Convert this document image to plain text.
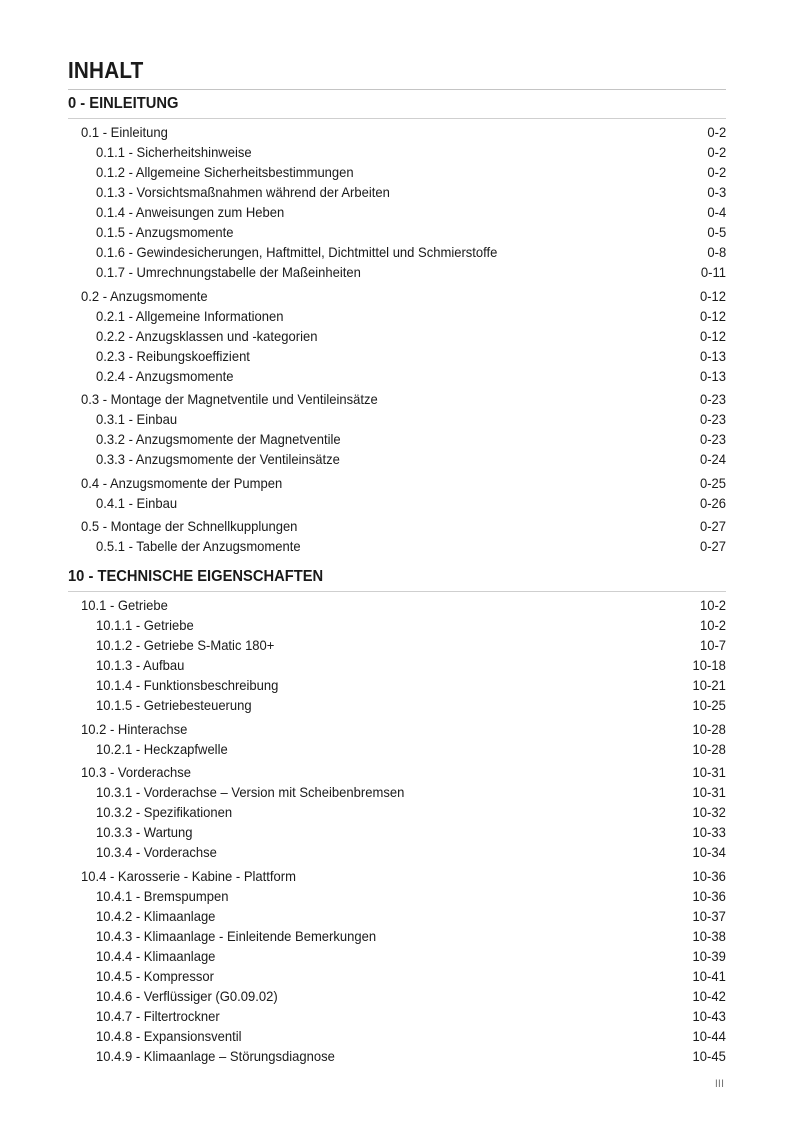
INHALT
0 - EINLEITUNG
0.1 - Einleitung	0-2
0.1.1 - Sicherheitshinweise	0-2
0.1.2 - Allgemeine Sicherheitsbestimmungen	0-2
0.1.3 - Vorsichtsmaßnahmen während der Arbeiten	0-3
0.1.4 - Anweisungen zum Heben	0-4
0.1.5 - Anzugsmomente	0-5
0.1.6 - Gewindesicherungen, Haftmittel, Dichtmittel und Schmierstoffe	0-8
0.1.7 - Umrechnungstabelle der Maßeinheiten	0-11
0.2 - Anzugsmomente	0-12
0.2.1 - Allgemeine Informationen	0-12
0.2.2 - Anzugsklassen und -kategorien	0-12
0.2.3 - Reibungskoeffizient	0-13
0.2.4 - Anzugsmomente	0-13
0.3 - Montage der Magnetventile und Ventileinsätze	0-23
0.3.1 - Einbau	0-23
0.3.2 - Anzugsmomente der Magnetventile	0-23
0.3.3 - Anzugsmomente der Ventileinsätze	0-24
0.4 - Anzugsmomente der Pumpen	0-25
0.4.1 - Einbau	0-26
0.5 - Montage der Schnellkupplungen	0-27
0.5.1 - Tabelle der Anzugsmomente	0-27
10 - TECHNISCHE EIGENSCHAFTEN
10.1 - Getriebe	10-2
10.1.1 - Getriebe	10-2
10.1.2 - Getriebe S-Matic 180+	10-7
10.1.3 - Aufbau	10-18
10.1.4 - Funktionsbeschreibung	10-21
10.1.5 - Getriebesteuerung	10-25
10.2 - Hinterachse	10-28
10.2.1 - Heckzapfwelle	10-28
10.3 - Vorderachse	10-31
10.3.1 - Vorderachse – Version mit Scheibenbremsen	10-31
10.3.2 - Spezifikationen	10-32
10.3.3 - Wartung	10-33
10.3.4 - Vorderachse	10-34
10.4 - Karosserie - Kabine - Plattform	10-36
10.4.1 - Bremspumpen	10-36
10.4.2 - Klimaanlage	10-37
10.4.3 - Klimaanlage - Einleitende Bemerkungen	10-38
10.4.4 - Klimaanlage	10-39
10.4.5 - Kompressor	10-41
10.4.6 - Verflüssiger (G0.09.02)	10-42
10.4.7 - Filtertrockner	10-43
10.4.8 - Expansionsventil	10-44
10.4.9 - Klimaanlage – Störungsdiagnose	10-45
III
